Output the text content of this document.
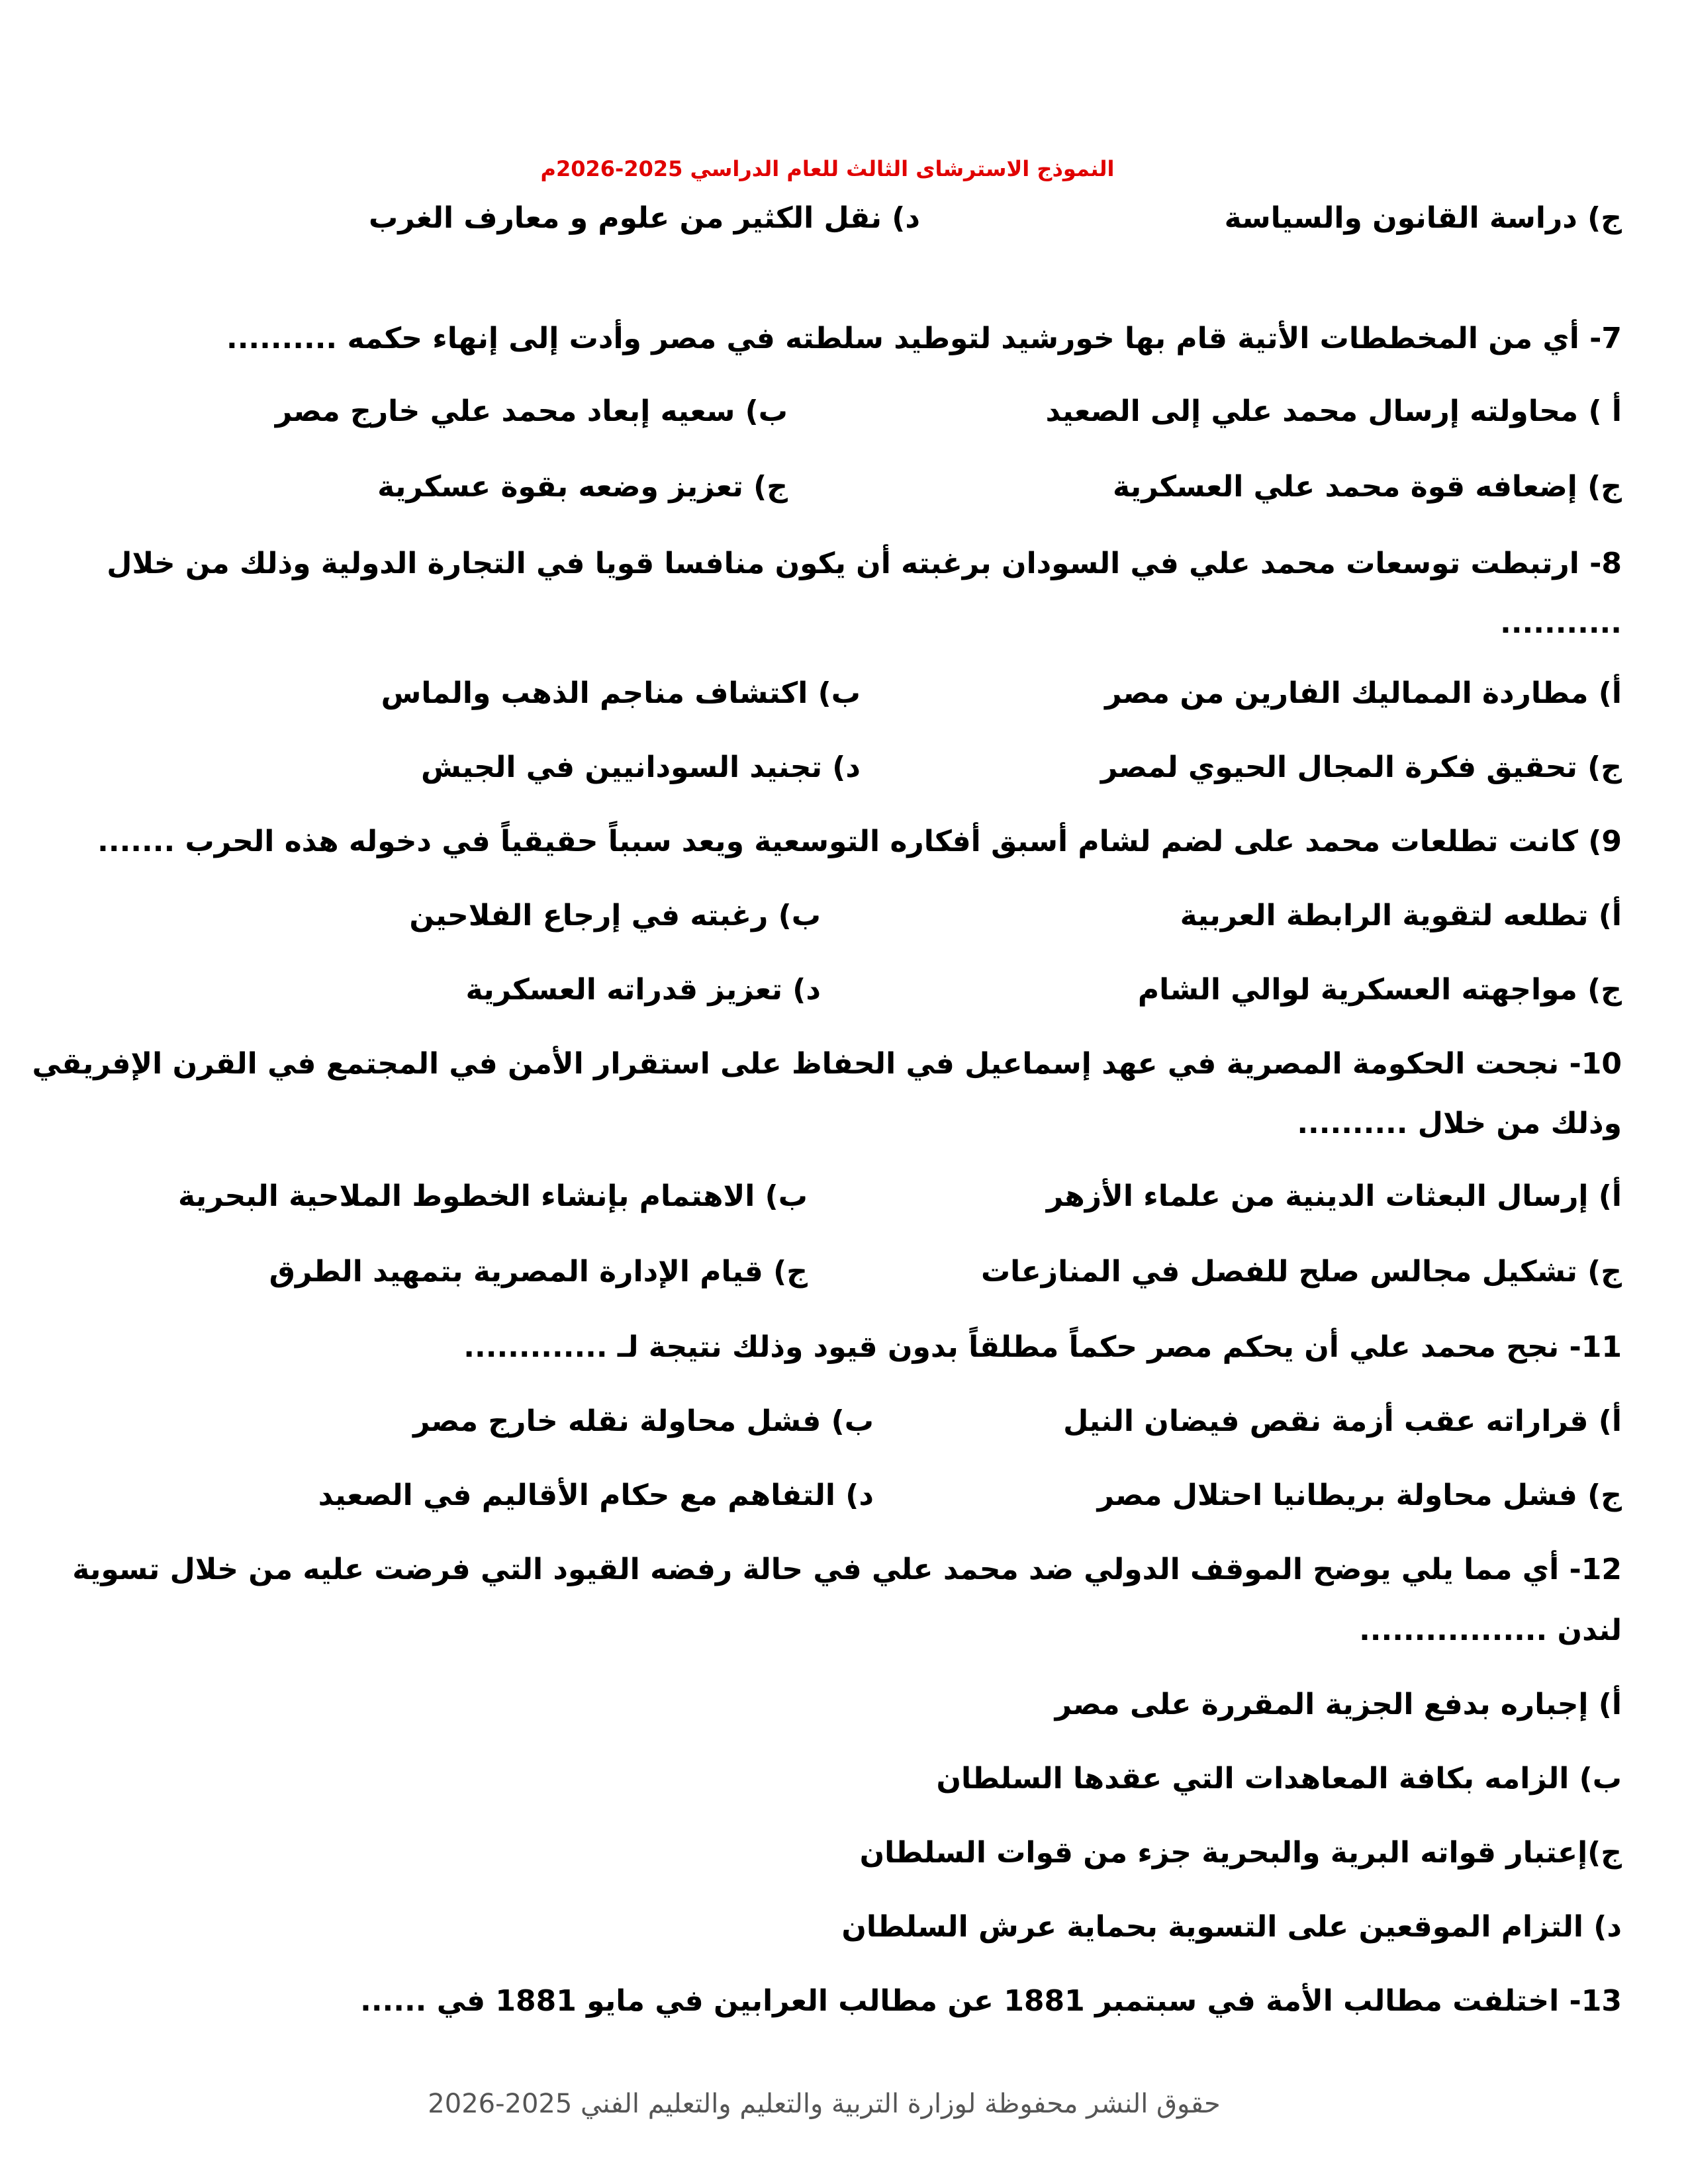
النموذج الاسترشاى الثالث للعام الدراسي 2025-2026م
ج) دراسة القانون والسياسة
د) نقل الكثير من علوم و معارف الغرب
7- أي من المخططات الأتية قام بها خورشيد لتوطيد سلطته في مصر وأدت إلى إنهاء حكمه ..........
أ ) محاولته إرسال محمد علي إلى الصعيد
ب) سعيه إبعاد محمد علي خارج مصر
ج) إضعافه قوة محمد علي العسكرية
ج) تعزيز وضعه بقوة عسكرية
8- ارتبطت توسعات محمد علي في السودان برغبته أن يكون منافسا قويا في التجارة الدولية وذلك من خلال
...........
أ) مطاردة المماليك الفارين من مصر
ب) اكتشاف مناجم الذهب والماس
ج) تحقيق فكرة المجال الحيوي لمصر
د) تجنيد السودانيين في الجيش
9) كانت تطلعات محمد على لضم لشام أسبق أفكاره التوسعية ويعد سبباً حقيقياً في دخوله هذه الحرب .......
أ) تطلعه لتقوية الرابطة العربية
ب) رغبته في إرجاع الفلاحين
ج) مواجهته العسكرية لوالي الشام
د) تعزيز قدراته العسكرية
10- نجحت الحكومة المصرية في عهد إسماعيل في الحفاظ على استقرار الأمن في المجتمع في القرن الإفريقي
وذلك من خلال ..........
أ) إرسال البعثات الدينية من علماء الأزهر
ب) الاهتمام بإنشاء الخطوط الملاحية البحرية
ج) تشكيل مجالس صلح للفصل في المنازعات
ج) قيام الإدارة المصرية بتمهيد الطرق
11- نجح محمد علي أن يحكم مصر حكماً مطلقاً بدون قيود وذلك نتيجة لـ .............
أ) قراراته عقب أزمة نقص فيضان النيل
ب) فشل محاولة نقله خارج مصر
ج) فشل محاولة بريطانيا احتلال مصر
د) التفاهم مع حكام الأقاليم في الصعيد
12- أي مما يلي يوضح الموقف الدولي ضد محمد علي في حالة رفضه القيود التي فرضت عليه من خلال تسوية
لندن .................
أ) إجباره بدفع الجزية المقررة على مصر
ب) الزامه بكافة المعاهدات التي عقدها السلطان
ج)إعتبار قواته البرية والبحرية جزء من قوات السلطان
د) التزام الموقعين على التسوية بحماية عرش السلطان
13- اختلفت مطالب الأمة في سبتمبر 1881 عن مطالب العرابين في مايو 1881 في ......
حقوق النشر محفوظة لوزارة التربية والتعليم والتعليم الفني 2025-2026
